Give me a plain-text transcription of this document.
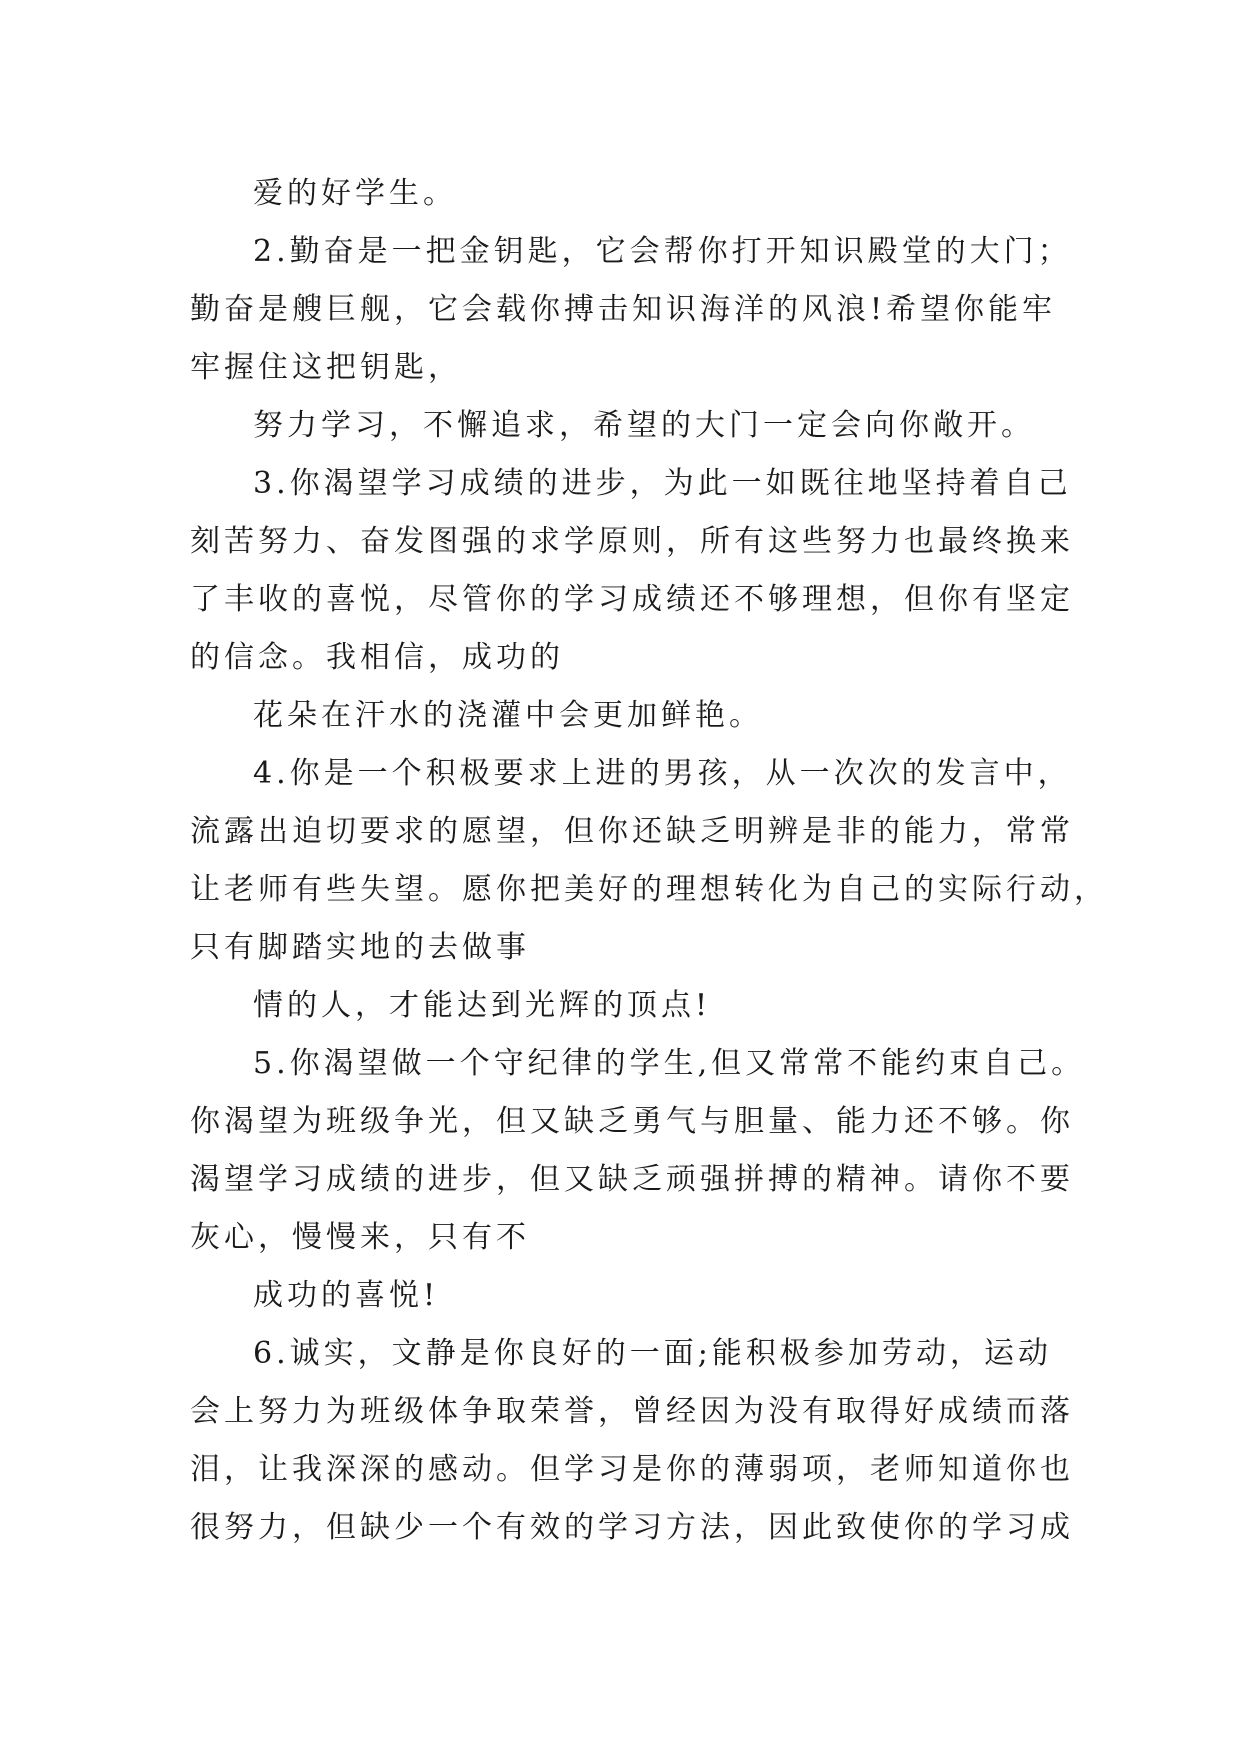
爱的好学生。
2.勤奋是一把金钥匙，它会帮你打开知识殿堂的大门；
勤奋是艘巨舰，它会载你搏击知识海洋的风浪!希望你能牢
牢握住这把钥匙，
努力学习，不懈追求，希望的大门一定会向你敞开。
3.你渴望学习成绩的进步，为此一如既往地坚持着自己
刻苦努力、奋发图强的求学原则，所有这些努力也最终换来
了丰收的喜悦，尽管你的学习成绩还不够理想，但你有坚定
的信念。我相信，成功的
花朵在汗水的浇灌中会更加鲜艳。
4.你是一个积极要求上进的男孩，从一次次的发言中，
流露出迫切要求的愿望，但你还缺乏明辨是非的能力，常常
让老师有些失望。愿你把美好的理想转化为自己的实际行动，
只有脚踏实地的去做事
情的人，才能达到光辉的顶点!
5.你渴望做一个守纪律的学生,但又常常不能约束自己。
你渴望为班级争光，但又缺乏勇气与胆量、能力还不够。你
渴望学习成绩的进步，但又缺乏顽强拼搏的精神。请你不要
灰心，慢慢来，只有不
成功的喜悦!
6.诚实，文静是你良好的一面;能积极参加劳动，运动
会上努力为班级体争取荣誉，曾经因为没有取得好成绩而落
泪，让我深深的感动。但学习是你的薄弱项，老师知道你也
很努力，但缺少一个有效的学习方法，因此致使你的学习成
